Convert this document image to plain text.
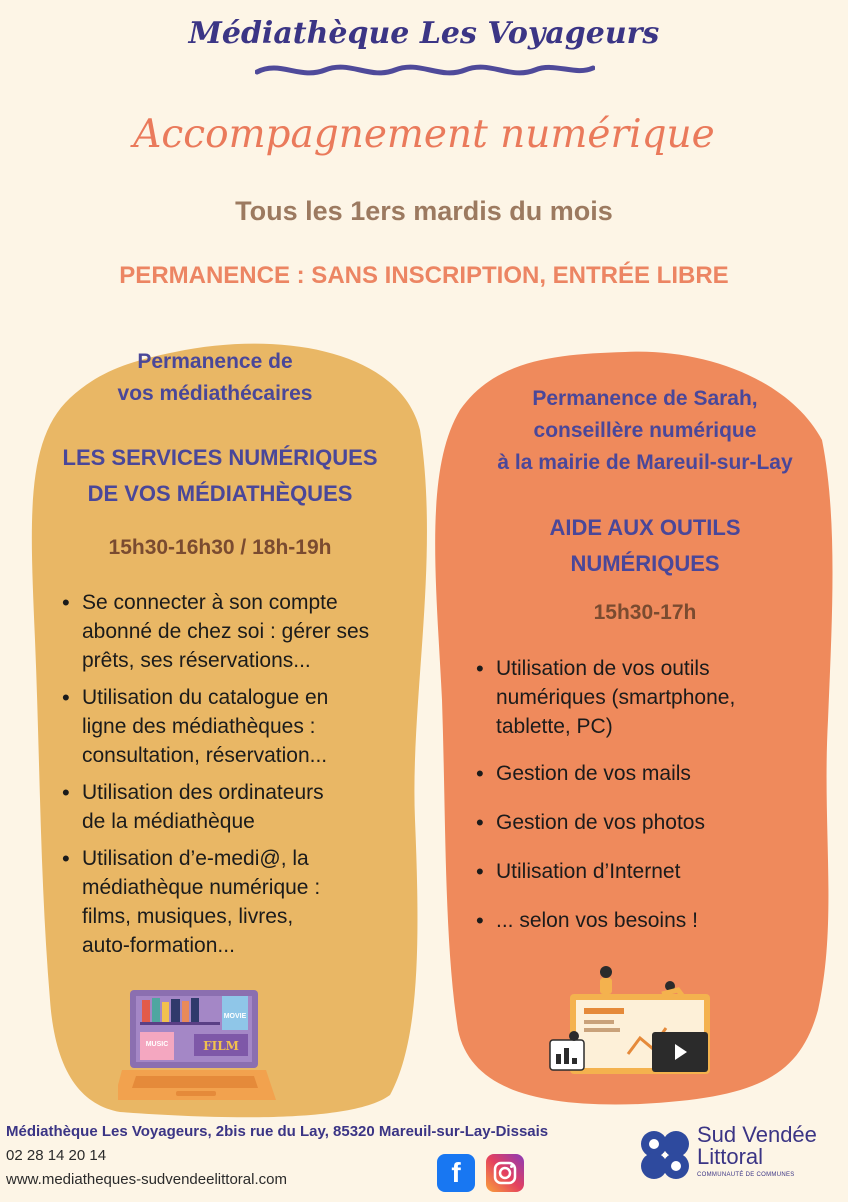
Médiathèque Les Voyageurs
Accompagnement numérique
Tous les 1ers mardis du mois
PERMANENCE : SANS INSCRIPTION, ENTRÉE LIBRE
Permanence de
vos médiathécaires
LES SERVICES NUMÉRIQUES
DE VOS MÉDIATHÈQUES
15h30-16h30 / 18h-19h
• Se connecter à son compte
abonné de chez soi : gérer ses
prêts, ses réservations...
• Utilisation du catalogue en
ligne des médiathèques :
consultation, réservation...
• Utilisation des ordinateurs
de la médiathèque
• Utilisation d’e-medi@, la
médiathèque numérique :
films, musiques, livres,
auto-formation...
MOVIE
MUSIC	FILM
Permanence de Sarah,
conseillère numérique
à la mairie de Mareuil-sur-Lay
AIDE AUX OUTILS
NUMÉRIQUES
15h30-17h
• Utilisation de vos outils
numériques (smartphone,
tablette, PC)
• Gestion de vos mails
• Gestion de vos photos
• Utilisation d’Internet
• ... selon vos besoins !
Médiathèque Les Voyageurs, 2bis rue du Lay, 85320 Mareuil-sur-Lay-Dissais
02 28 14 20 14
www.mediatheques-sudvendeelittoral.com	f
Sud Vendée
Littoral
COMMUNAUTÉ DE COMMUNES
